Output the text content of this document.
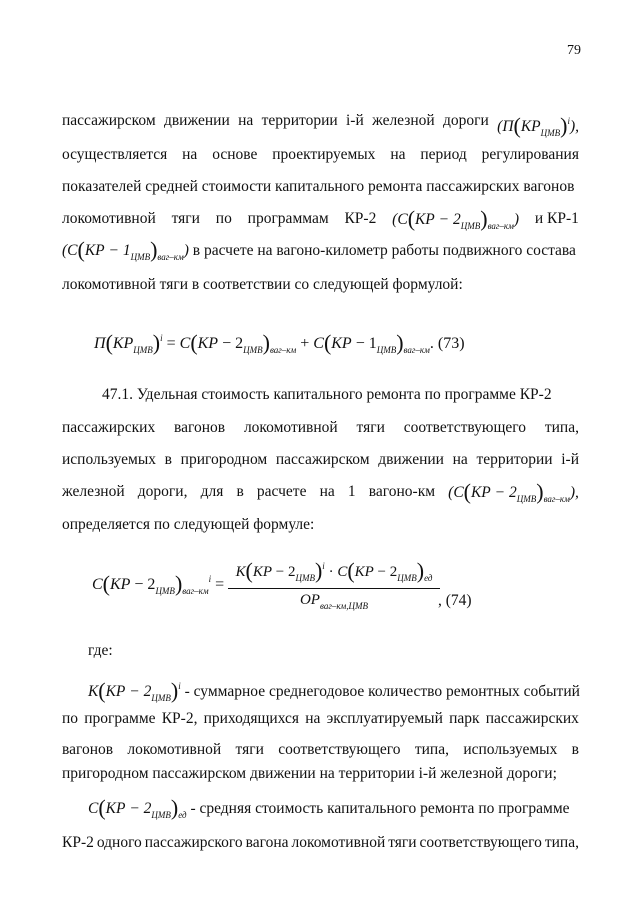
79
пассажирском движении на территории i-й железной дороги $(П(КР_{ЦМВ})^i)$,
осуществляется на основе проектируемых на период регулирования
показателей средней стоимости капитального ремонта пассажирских вагонов
локомотивной тяги по программам КР-2 $(С(КР - 2_{ЦМВ})_{ваг-км})$ и КР-1
$(С(КР - 1_{ЦМВ})_{ваг-км})$ в расчете на вагоно-километр работы подвижного состава
локомотивной тяги в соответствии со следующей формулой:
$П(КР_{ЦМВ})^i = С(КР - 2_{ЦМВ})_{ваг-км} + С(КР - 1_{ЦМВ})_{ваг-км}$. (73)
47.1. Удельная стоимость капитального ремонта по программе КР-2
пассажирских вагонов локомотивной тяги соответствующего типа,
используемых в пригородном пассажирском движении на территории i-й
железной дороги, для в расчете на 1 вагоно-км $(С(КР - 2_{ЦМВ})_{ваг-км})$,
определяется по следующей формуле:
$С(КР - 2_{ЦМВ})_{ваг-км}^i$ =
$К(КР - 2_{ЦМВ})^i \cdot С(КР - 2_{ЦМВ})_{ед}$
$ОР_{ваг-км,ЦМВ}$	, (74)
где:
$К(КР - 2_{ЦМВ})^i$ - суммарное среднегодовое количество ремонтных событий
по программе КР-2, приходящихся на эксплуатируемый парк пассажирских
вагонов локомотивной тяги соответствующего типа, используемых в
пригородном пассажирском движении на территории i-й железной дороги;
$С(КР - 2_{ЦМВ})_{ед}$ - средняя стоимость капитального ремонта по программе
КР-2 одного пассажирского вагона локомотивной тяги соответствующего типа,
